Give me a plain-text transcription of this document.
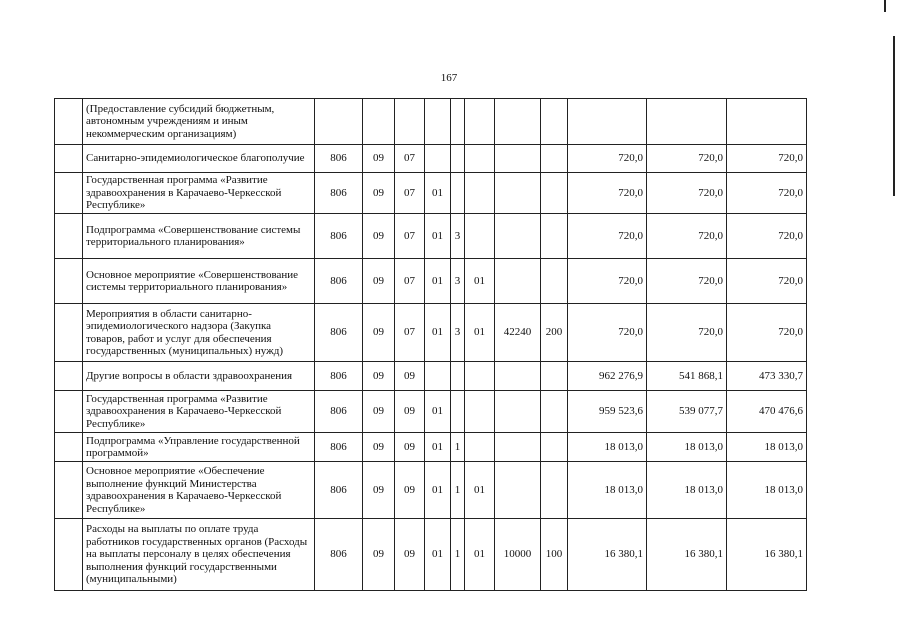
167
	(Предоставление субсидий бюджетным, автономным учреждениям и иным некоммерческим организациям)											
	Санитарно-эпидемиологическое благополучие	806	09	07						720,0	720,0	720,0
	Государственная программа «Развитие здравоохранения в Карачаево-Черкесской Республике»	806	09	07	01					720,0	720,0	720,0
	Подпрограмма «Совершенствование системы территориального планирования»	806	09	07	01	3				720,0	720,0	720,0
	Основное мероприятие «Совершенствование системы территориального планирования»	806	09	07	01	3	01			720,0	720,0	720,0
	Мероприятия в области санитарно-эпидемиологического надзора (Закупка товаров, работ и услуг для обеспечения государственных (муниципальных) нужд)	806	09	07	01	3	01	42240	200	720,0	720,0	720,0
	Другие вопросы в области здравоохранения	806	09	09						962 276,9	541 868,1	473 330,7
	Государственная программа «Развитие здравоохранения в Карачаево-Черкесской Республике»	806	09	09	01					959 523,6	539 077,7	470 476,6
	Подпрограмма «Управление государственной программой»	806	09	09	01	1				18 013,0	18 013,0	18 013,0
	Основное мероприятие «Обеспечение выполнение функций Министерства здравоохранения в Карачаево-Черкесской Республике»	806	09	09	01	1	01			18 013,0	18 013,0	18 013,0
	Расходы на выплаты по оплате труда работников государственных органов (Расходы на выплаты персоналу в целях обеспечения выполнения функций государственными (муниципальными)	806	09	09	01	1	01	10000	100	16 380,1	16 380,1	16 380,1
